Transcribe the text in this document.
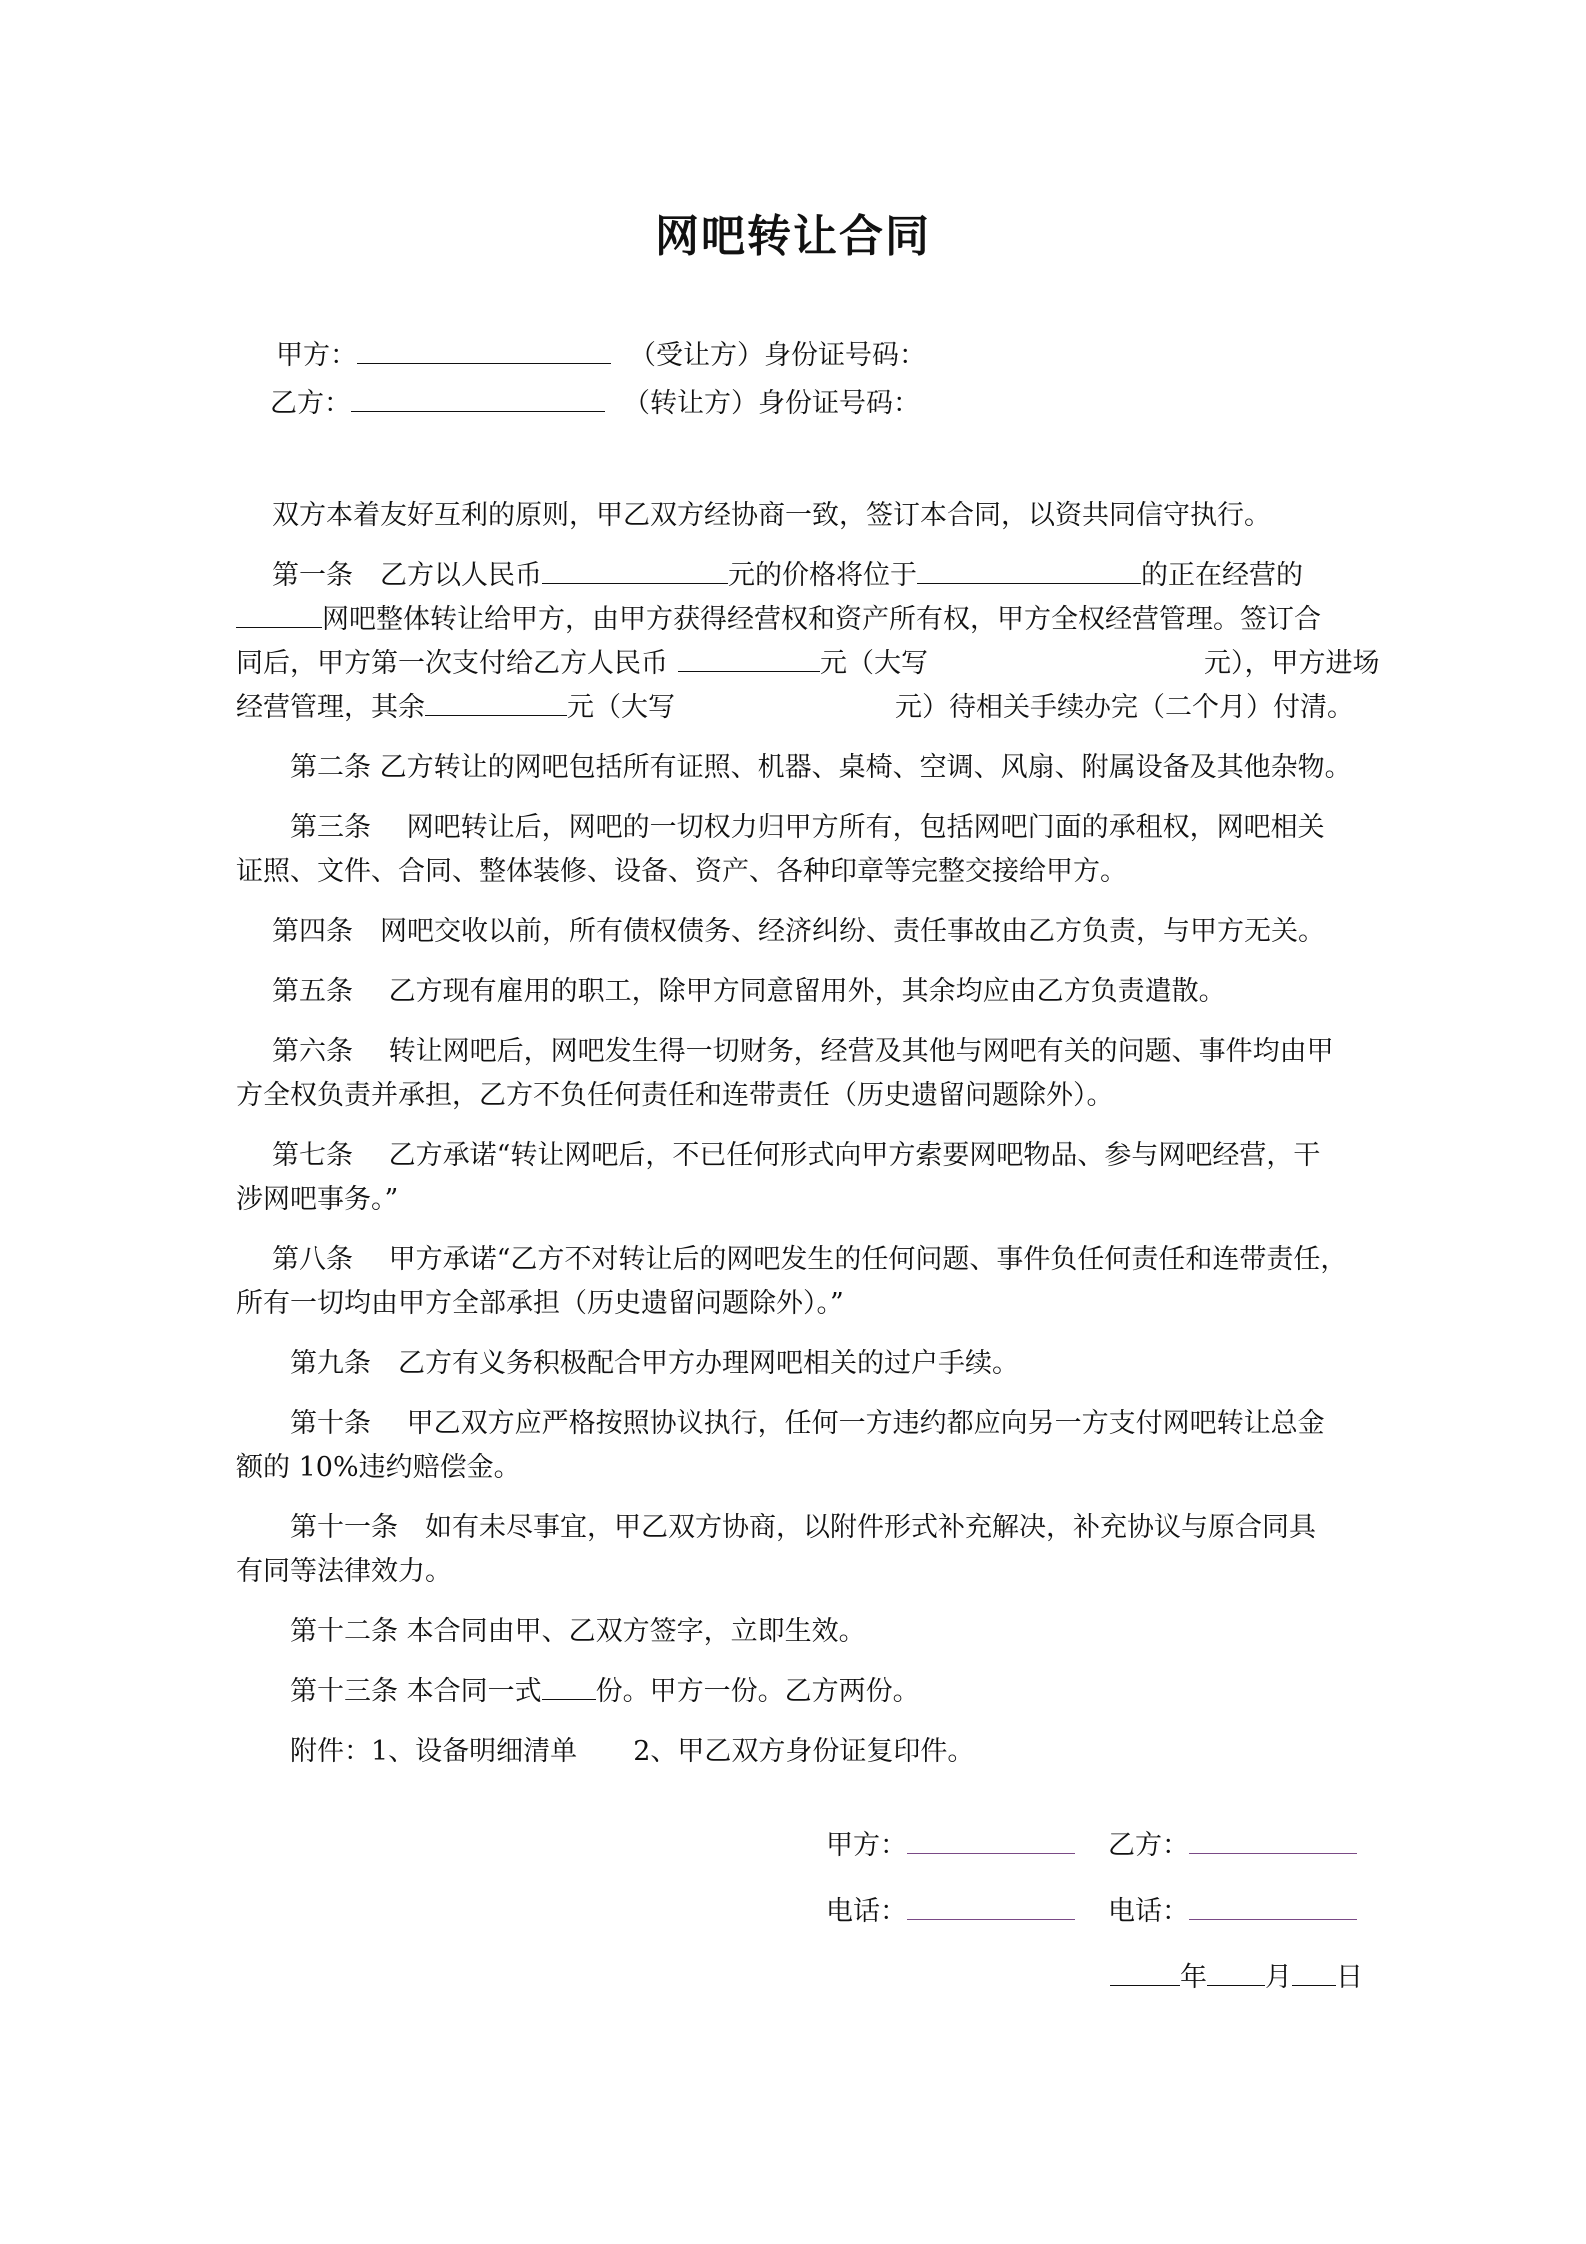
网吧转让合同
甲方：	（受让方）身份证号码：
乙方：	（转让方）身份证号码：
双方本着友好互利的原则，甲乙双方经协商一致，签订本合同，以资共同信守执行。
第一条　乙方以人民币	元的价格将位于	的正在经营的
网吧整体转让给甲方，由甲方获得经营权和资产所有权，甲方全权经营管理。签订合
同后，甲方第一次支付给乙方人民币	元（大写	元），甲方进场
经营管理，其余	元（大写	元）待相关手续办完（二个月）付清。
第二条 乙方转让的网吧包括所有证照、机器、桌椅、空调、风扇、附属设备及其他杂物。
第三条　 网吧转让后，网吧的一切权力归甲方所有，包括网吧门面的承租权，网吧相关
证照、文件、合同、整体装修、设备、资产、各种印章等完整交接给甲方。
第四条　网吧交收以前，所有债权债务、经济纠纷、责任事故由乙方负责，与甲方无关。
第五条　 乙方现有雇用的职工，除甲方同意留用外，其余均应由乙方负责遣散。
第六条　 转让网吧后，网吧发生得一切财务，经营及其他与网吧有关的问题、事件均由甲
方全权负责并承担，乙方不负任何责任和连带责任（历史遗留问题除外）。
第七条　 乙方承诺“转让网吧后，不已任何形式向甲方索要网吧物品、参与网吧经营，干
涉网吧事务。”
第八条　 甲方承诺“乙方不对转让后的网吧发生的任何问题、事件负任何责任和连带责任，
所有一切均由甲方全部承担（历史遗留问题除外）。”
第九条　乙方有义务积极配合甲方办理网吧相关的过户手续。
第十条　 甲乙双方应严格按照协议执行，任何一方违约都应向另一方支付网吧转让总金
额的 10%违约赔偿金。
第十一条　如有未尽事宜，甲乙双方协商，以附件形式补充解决，补充协议与原合同具
有同等法律效力。
第十二条 本合同由甲、乙双方签字，立即生效。
第十三条 本合同一式 份。甲方一份。乙方两份。
附件：1、设备明细清单 2、甲乙双方身份证复印件。
甲方：	乙方：
电话：	电话：
年 月 日
